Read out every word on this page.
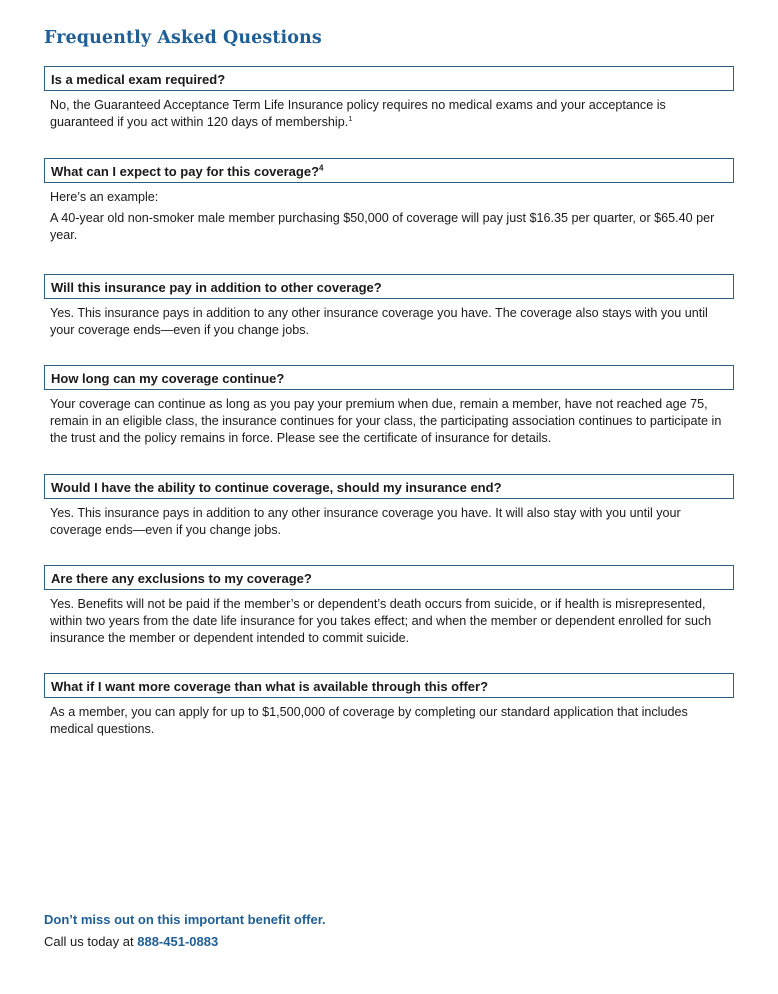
Frequently Asked Questions
Is a medical exam required?

No, the Guaranteed Acceptance Term Life Insurance policy requires no medical exams and your acceptance is guaranteed if you act within 120 days of membership.$^1$

What can I expect to pay for this coverage?$^4$

Here’s an example:

A 40-year old non-smoker male member purchasing $50,000 of coverage will pay just $16.35 per quarter, or $65.40 per year.

Will this insurance pay in addition to other coverage?

Yes. This insurance pays in addition to any other insurance coverage you have. The coverage also stays with you until your coverage ends—even if you change jobs.

How long can my coverage continue?

Your coverage can continue as long as you pay your premium when due, remain a member, have not reached age 75, remain in an eligible class, the insurance continues for your class, the participating association continues to participate in the trust and the policy remains in force. Please see the certificate of insurance for details.

Would I have the ability to continue coverage, should my insurance end?

Yes. This insurance pays in addition to any other insurance coverage you have. It will also stay with you until your coverage ends—even if you change jobs.

Are there any exclusions to my coverage?

Yes. Benefits will not be paid if the member’s or dependent’s death occurs from suicide, or if health is misrepresented, within two years from the date life insurance for you takes effect; and when the member or dependent enrolled for such insurance the member or dependent intended to commit suicide.

What if I want more coverage than what is available through this offer?

As a member, you can apply for up to $1,500,000 of coverage by completing our standard application that includes medical questions.

Don’t miss out on this important benefit offer.

Call us today at 888-451-0883
